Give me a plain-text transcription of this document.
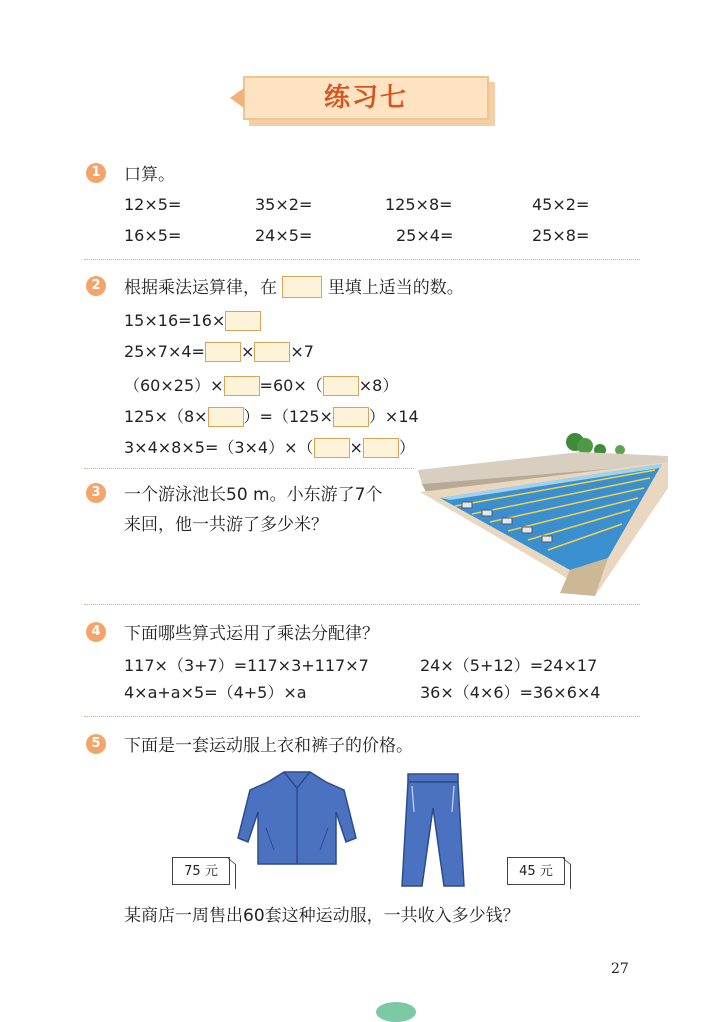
练习七
1	口算。
12×5=	35×2=	125×8=	45×2=
16×5=	24×5=	25×4=	25×8=
2	根据乘法运算律，在	里填上适当的数。
15×16=16×
25×7×4= × ×7
（60×25）× =60×（ ×8）
125×（8× ）=（125× ）×14
3×4×8×5=（3×4）×（ × ）
3	一个游泳池长50 m。小东游了7个
来回，他一共游了多少米？
4	下面哪些算式运用了乘法分配律？
117×（3+7）=117×3+117×7	24×（5+12）=24×17
4×a+a×5=（4+5）×a	36×（4×6）=36×6×4
5	下面是一套运动服上衣和裤子的价格。
75 元	45 元
某商店一周售出60套这种运动服，一共收入多少钱？
27
